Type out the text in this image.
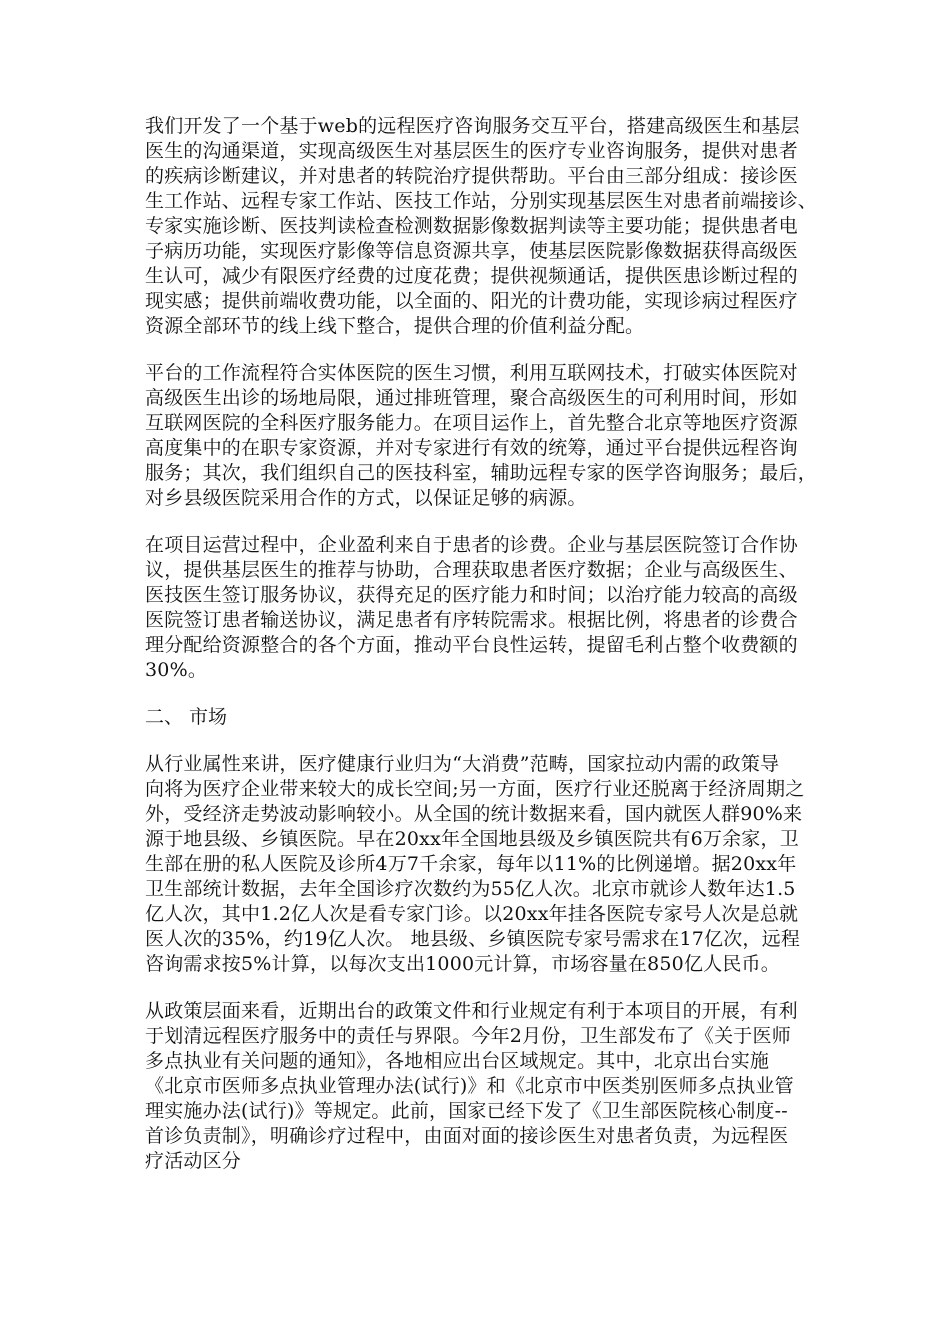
我们开发了一个基于web的远程医疗咨询服务交互平台，搭建高级医生和基层
医生的沟通渠道，实现高级医生对基层医生的医疗专业咨询服务，提供对患者
的疾病诊断建议，并对患者的转院治疗提供帮助。平台由三部分组成：接诊医
生工作站、远程专家工作站、医技工作站，分别实现基层医生对患者前端接诊、
专家实施诊断、医技判读检查检测数据影像数据判读等主要功能；提供患者电
子病历功能，实现医疗影像等信息资源共享，使基层医院影像数据获得高级医
生认可，减少有限医疗经费的过度花费；提供视频通话，提供医患诊断过程的
现实感；提供前端收费功能，以全面的、阳光的计费功能，实现诊病过程医疗
资源全部环节的线上线下整合，提供合理的价值利益分配。
平台的工作流程符合实体医院的医生习惯，利用互联网技术，打破实体医院对
高级医生出诊的场地局限，通过排班管理，聚合高级医生的可利用时间，形如
互联网医院的全科医疗服务能力。在项目运作上，首先整合北京等地医疗资源
高度集中的在职专家资源，并对专家进行有效的统筹，通过平台提供远程咨询
服务；其次，我们组织自己的医技科室，辅助远程专家的医学咨询服务；最后，
对乡县级医院采用合作的方式，以保证足够的病源。
在项目运营过程中，企业盈利来自于患者的诊费。企业与基层医院签订合作协
议，提供基层医生的推荐与协助，合理获取患者医疗数据；企业与高级医生、
医技医生签订服务协议，获得充足的医疗能力和时间；以治疗能力较高的高级
医院签订患者输送协议，满足患者有序转院需求。根据比例，将患者的诊费合
理分配给资源整合的各个方面，推动平台良性运转，提留毛利占整个收费额的
30%。
二、 市场
从行业属性来讲，医疗健康行业归为“大消费”范畴，国家拉动内需的政策导
向将为医疗企业带来较大的成长空间;另一方面，医疗行业还脱离于经济周期之
外，受经济走势波动影响较小。从全国的统计数据来看，国内就医人群90%来
源于地县级、乡镇医院。早在20xx年全国地县级及乡镇医院共有6万余家，卫
生部在册的私人医院及诊所4万7千余家，每年以11%的比例递增。据20xx年
卫生部统计数据，去年全国诊疗次数约为55亿人次。北京市就诊人数年达1.5
亿人次，其中1.2亿人次是看专家门诊。以20xx年挂各医院专家号人次是总就
医人次的35%，约19亿人次。 地县级、乡镇医院专家号需求在17亿次，远程
咨询需求按5%计算，以每次支出1000元计算，市场容量在850亿人民币。
从政策层面来看，近期出台的政策文件和行业规定有利于本项目的开展，有利
于划清远程医疗服务中的责任与界限。今年2月份，卫生部发布了《关于医师
多点执业有关问题的通知》，各地相应出台区域规定。其中，北京出台实施
《北京市医师多点执业管理办法(试行)》和《北京市中医类别医师多点执业管
理实施办法(试行)》等规定。此前，国家已经下发了《卫生部医院核心制度--
首诊负责制》，明确诊疗过程中，由面对面的接诊医生对患者负责，为远程医
疗活动区分
